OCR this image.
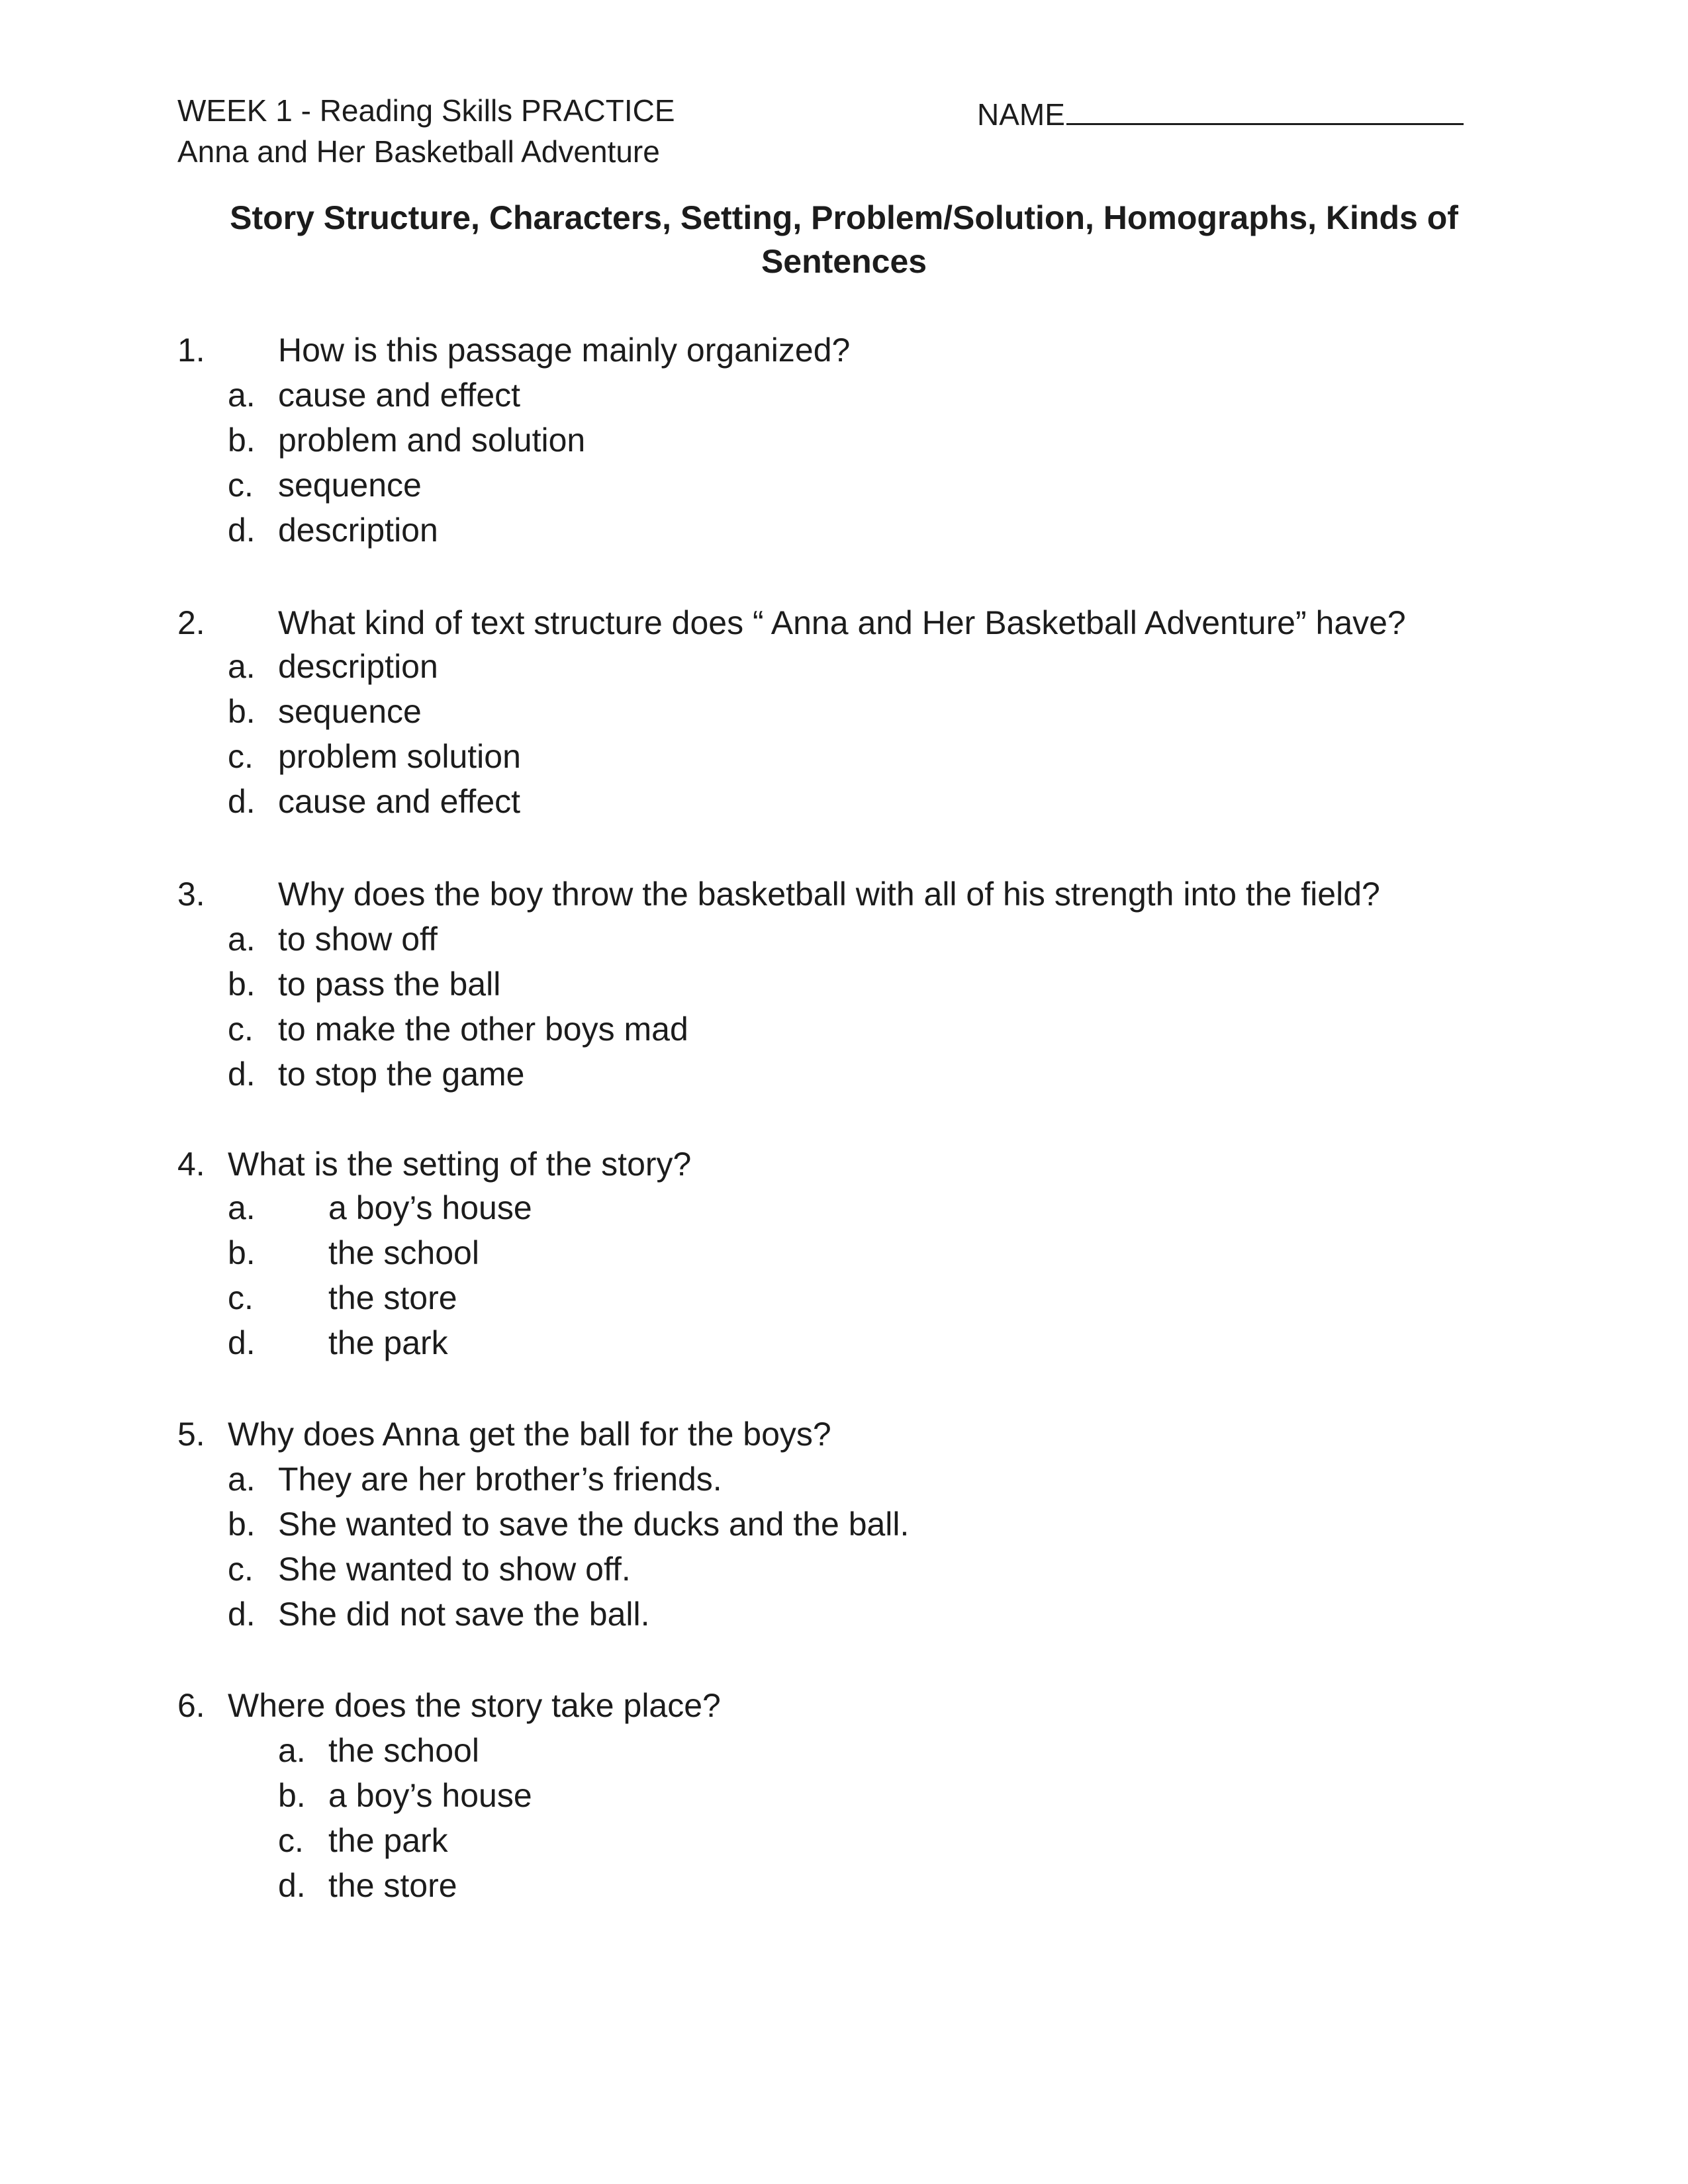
WEEK 1 - Reading Skills PRACTICE
Anna and Her Basketball Adventure
NAME
Story Structure, Characters, Setting, Problem/Solution, Homographs, Kinds of
Sentences
1. How is this passage mainly organized?
a. cause and effect
b. problem and solution
c. sequence
d. description
2. What kind of text structure does “ Anna and Her Basketball Adventure” have?
a. description
b. sequence
c. problem solution
d. cause and effect
3. Why does the boy throw the basketball with all of his strength into the field?
a. to show off
b. to pass the ball
c. to make the other boys mad
d. to stop the game
4. What is the setting of the story?
a. a boy’s house
b. the school
c. the store
d. the park
5. Why does Anna get the ball for the boys?
a. They are her brother’s friends.
b. She wanted to save the ducks and the ball.
c. She wanted to show off.
d. She did not save the ball.
6. Where does the story take place?
a. the school
b. a boy’s house
c. the park
d. the store
